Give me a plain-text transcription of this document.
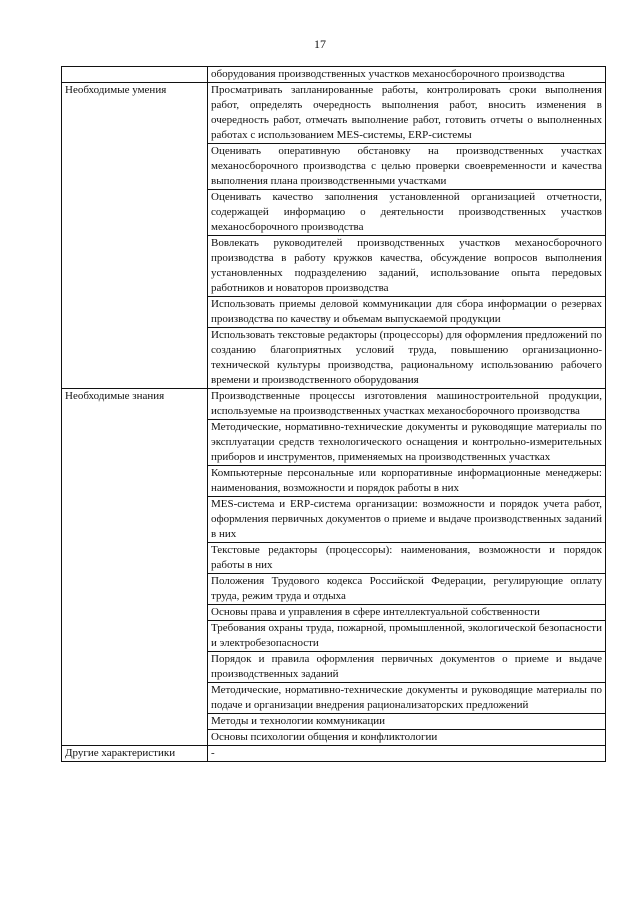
17

	оборудования производственных участков механосборочного производства

Необходимые умения	Просматривать запланированные работы, контролировать сроки выполнения работ, определять очередность выполнения работ, вносить изменения в очередность работ, отмечать выполнение работ, готовить отчеты о выполненных работах с использованием MES-системы, ERP-системы

	Оценивать оперативную обстановку на производственных участках механосборочного производства с целью проверки своевременности и качества выполнения плана производственными участками

	Оценивать качество заполнения установленной организацией отчетности, содержащей информацию о деятельности производственных участков механосборочного производства

	Вовлекать руководителей производственных участков механосборочного производства в работу кружков качества, обсуждение вопросов выполнения установленных подразделению заданий, использование опыта передовых работников и новаторов производства

	Использовать приемы деловой коммуникации для сбора информации о резервах производства по качеству и объемам выпускаемой продукции

	Использовать текстовые редакторы (процессоры) для оформления предложений по созданию благоприятных условий труда, повышению организационно-технической культуры производства, рациональному использованию рабочего времени и производственного оборудования

Необходимые знания	Производственные процессы изготовления машиностроительной продукции, используемые на производственных участках механосборочного производства

	Методические, нормативно-технические документы и руководящие материалы по эксплуатации средств технологического оснащения и контрольно-измерительных приборов и инструментов, применяемых на производственных участках

	Компьютерные персональные или корпоративные информационные менеджеры: наименования, возможности и порядок работы в них

	MES-система и ERP-система организации: возможности и порядок учета работ, оформления первичных документов о приеме и выдаче производственных заданий в них

	Текстовые редакторы (процессоры): наименования, возможности и порядок работы в них

	Положения Трудового кодекса Российской Федерации, регулирующие оплату труда, режим труда и отдыха

	Основы права и управления в сфере интеллектуальной собственности

	Требования охраны труда, пожарной, промышленной, экологической безопасности и электробезопасности

	Порядок и правила оформления первичных документов о приеме и выдаче производственных заданий

	Методические, нормативно-технические документы и руководящие материалы по подаче и организации внедрения рационализаторских предложений

	Методы и технологии коммуникации

	Основы психологии общения и конфликтологии

Другие характеристики	-
